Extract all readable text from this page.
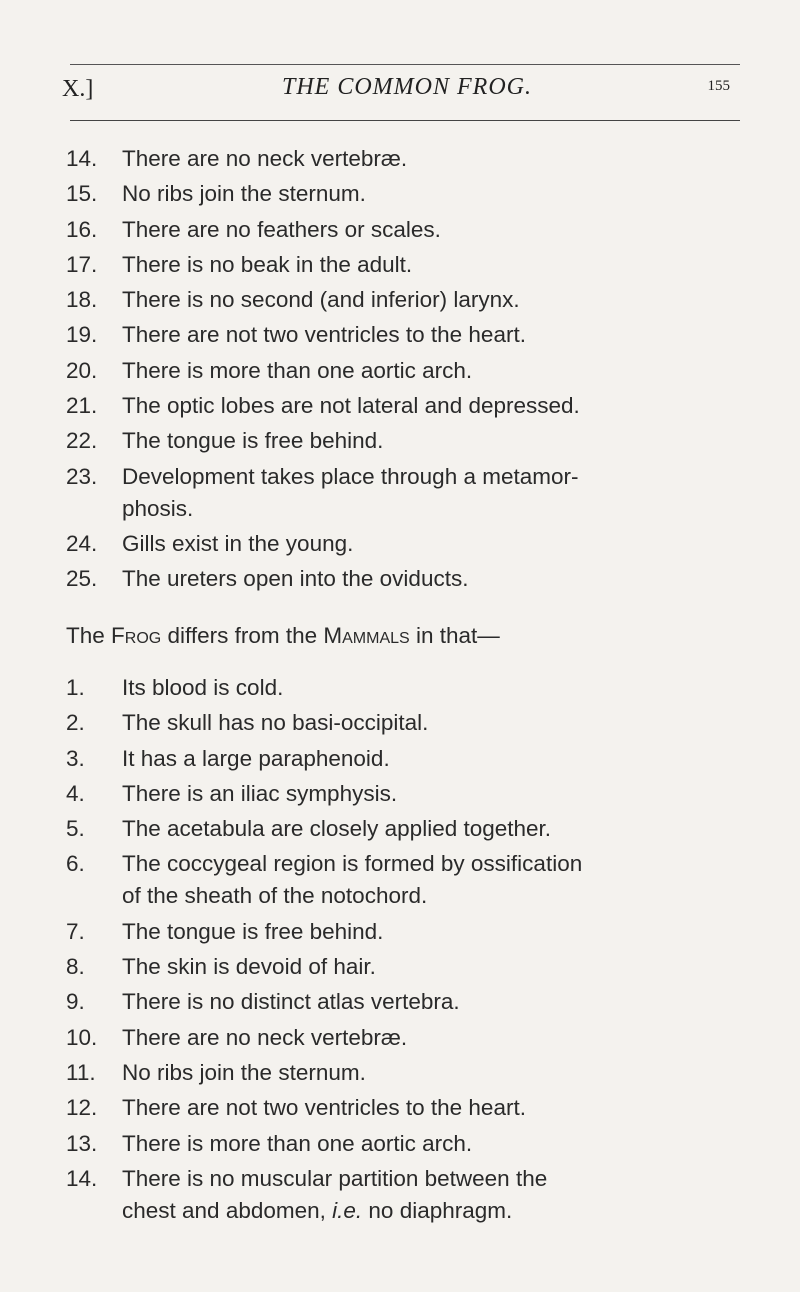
X.]	THE COMMON FROG.	155
14.	There are no neck vertebræ.
15.	No ribs join the sternum.
16.	There are no feathers or scales.
17.	There is no beak in the adult.
18.	There is no second (and inferior) larynx.
19.	There are not two ventricles to the heart.
20.	There is more than one aortic arch.
21.	The optic lobes are not lateral and depressed.
22.	The tongue is free behind.
23.	Development takes place through a metamor-
phosis.
24.	Gills exist in the young.
25.	The ureters open into the oviducts.
The Frog differs from the Mammals in that—
1.	Its blood is cold.
2.	The skull has no basi-occipital.
3.	It has a large paraphenoid.
4.	There is an iliac symphysis.
5.	The acetabula are closely applied together.
6.	The coccygeal region is formed by ossification
of the sheath of the notochord.
7.	The tongue is free behind.
8.	The skin is devoid of hair.
9.	There is no distinct atlas vertebra.
10.	There are no neck vertebræ.
11.	No ribs join the sternum.
12.	There are not two ventricles to the heart.
13.	There is more than one aortic arch.
14.	There is no muscular partition between the
chest and abdomen, i.e. no diaphragm.
